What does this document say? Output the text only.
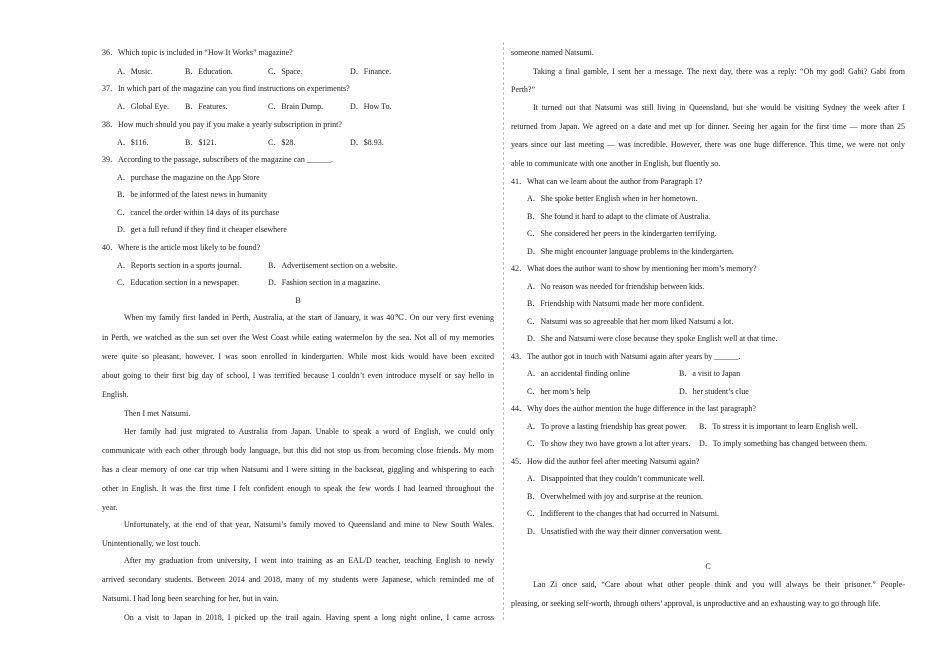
36．Which topic is included in “How It Works” magazine?
A．Music.	B．Education.	C．Space.	D．Finance.
37．In which part of the magazine can you find instructions on experiments?
A．Global Eye. B．Features.	C．Brain Dump.	D．How To.
38．How much should you pay if you make a yearly subscription in print?
A．$116.	B．$121.	C．$28.	D．$8.93.
39．According to the passage, subscribers of the magazine can ______.
A．purchase the magazine on the App Store
B．be informed of the latest news in humanity
C．cancel the order within 14 days of its purchase
D．get a full refund if they find it cheaper elsewhere
40．Where is the article most likely to be found?
A．Reports section in a sports journal.	B．Advertisement section on a website.
C．Education section in a newspaper.	D．Fashion section in a magazine.
B
When my family first landed in Perth, Australia, at the start of January, it was 40℃. On our very first evening
in Perth, we watched as the sun set over the West Coast while eating watermelon by the sea. Not all of my memories
were quite so pleasant, however. I was soon enrolled in kindergarten. While most kids would have been excited
about going to their first big day of school, I was terrified because I couldn’t even introduce myself or say hello in
English.
Then I met Natsumi.
Her family had just migrated to Australia from Japan. Unable to speak a word of English, we could only
communicate with each other through body language, but this did not stop us from becoming close friends. My mom
has a clear memory of one car trip when Natsumi and I were sitting in the backseat, giggling and whispering to each
other in English. It was the first time I felt confident enough to speak the few words I had learned throughout the
year.
Unfortunately, at the end of that year, Natsumi’s family moved to Queensland and mine to New South Wales.
Unintentionally, we lost touch.
After my graduation from university, I went into training as an EAL/D teacher, teaching English to newly
arrived secondary students. Between 2014 and 2018, many of my students were Japanese, which reminded me of
Natsumi. I had long been searching for her, but in vain.
On a visit to Japan in 2018, I picked up the trail again. Having spent a long night online, I came across
someone named Natsumi.
Taking a final gamble, I sent her a message. The next day, there was a reply: “Oh my god! Gabi? Gabi from
Perth?”
It turned out that Natsumi was still living in Queensland, but she would be visiting Sydney the week after I
returned from Japan. We agreed on a date and met up for dinner. Seeing her again for the first time — more than 25
years since our last meeting — was incredible. However, there was one huge difference. This time, we were not only
able to communicate with one another in English, but fluently so.
41．What can we learn about the author from Paragraph 1?
A．She spoke better English when in her hometown.
B．She found it hard to adapt to the climate of Australia.
C．She considered her peers in the kindergarten terrifying.
D．She might encounter language problems in the kindergarten.
42．What does the author want to show by mentioning her mom’s memory?
A．No reason was needed for friendship between kids.
B．Friendship with Natsumi made her more confident.
C．Natsumi was so agreeable that her mom liked Natsumi a lot.
D．She and Natsumi were close because they spoke English well at that time.
43．The author got in touch with Natsumi again after years by ______.
A．an accidental finding online	B．a visit to Japan
C．her mom’s help	D．her student’s clue
44．Why does the author mention the huge difference in the last paragraph?
A．To prove a lasting friendship has great power. B．To stress it is important to learn English well.
C．To show they two have grown a lot after years. D．To imply something has changed between them.
45．How did the author feel after meeting Natsumi again?
A．Disappointed that they couldn’t communicate well.
B．Overwhelmed with joy and surprise at the reunion.
C．Indifferent to the changes that had occurred in Natsumi.
D．Unsatisfied with the way their dinner conversation went.
C
Lao Zi once said, “Care about what other people think and you will always be their prisoner.” People-
pleasing, or seeking self-worth, through others’ approval, is unproductive and an exhausting way to go through life.
